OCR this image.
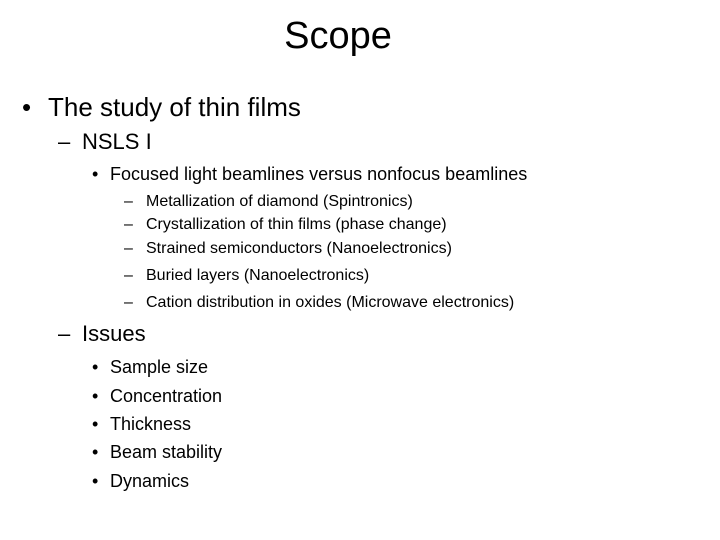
Scope
• The study of thin films
– NSLS I
• Focused light beamlines versus nonfocus beamlines
– Metallization of diamond (Spintronics)
– Crystallization of thin films (phase change)
– Strained semiconductors (Nanoelectronics)
– Buried layers (Nanoelectronics)
– Cation distribution in oxides (Microwave electronics)
– Issues
• Sample size
• Concentration
• Thickness
• Beam stability
• Dynamics
